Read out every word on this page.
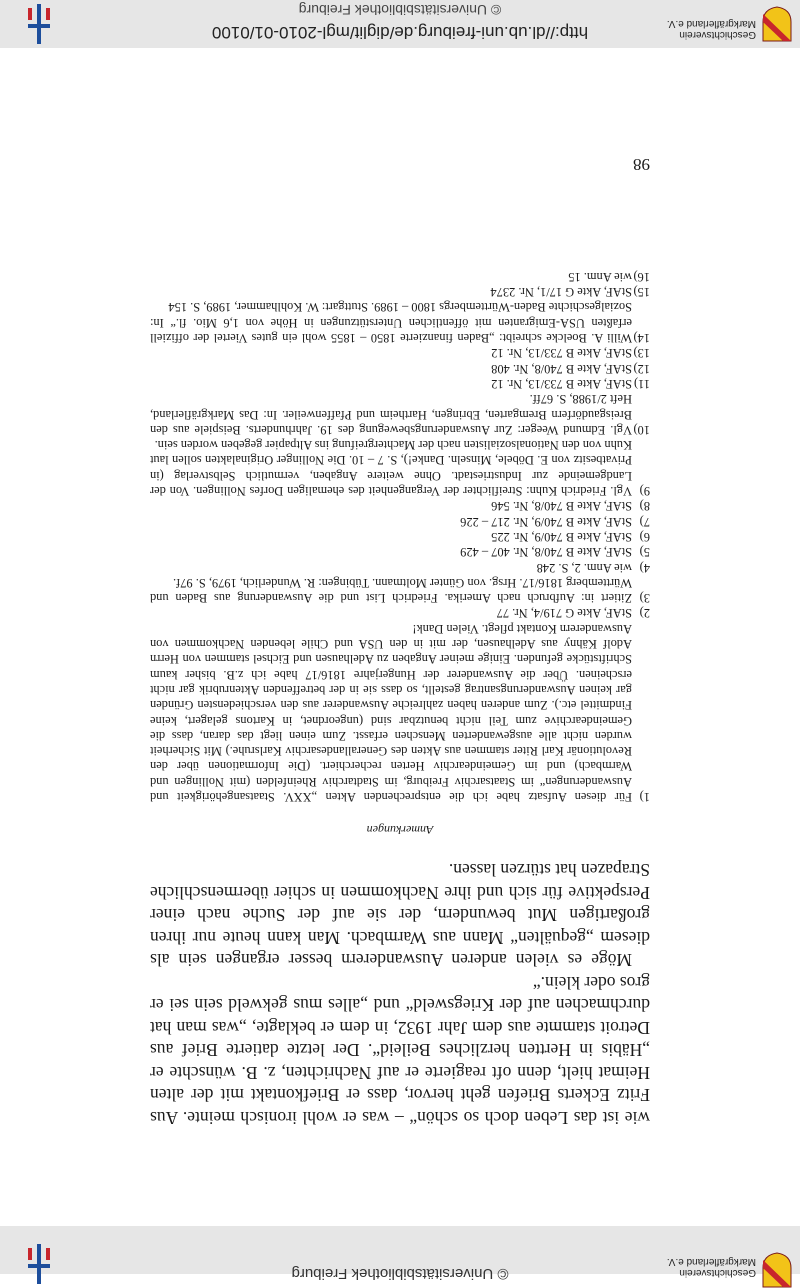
© Universitätsbibliothek Freiburg	Geschichtsverein
Markgräflerland e.V.

wie ist das Leben doch so schön“ – was er wohl ironisch meinte. Aus Fritz Eckerts Briefen geht hervor, dass er Briefkontakt mit der alten Heimat hielt, denn oft reagierte er auf Nachrichten, z. B. wünschte er „Häbis in Hertten herzliches Beileid“. Der letzte datierte Brief aus Detroit stammte aus dem Jahr 1932, in dem er beklagte, „was man hat durchmachen auf der Kriegsweld“ und „alles mus gekweld sein sei er gros oder klein.“

Möge es vielen anderen Auswanderern besser ergangen sein als diesem „gequälten“ Mann aus Warmbach. Man kann heute nur ihren großartigen Mut bewundern, der sie auf der Suche nach einer Perspektive für sich und ihre Nachkommen in schier übermenschliche Strapazen hat stürzen lassen.

Anmerkungen
1)
Für diesen Aufsatz habe ich die entsprechenden Akten „XXV. Staatsangehörigkeit und Auswanderungen“ im Staatsarchiv Freiburg, im Stadtarchiv Rheinfelden (mit Nollingen und Warmbach) und im Gemeindearchiv Herten recherchiert. (Die Informationen über den Revolutionär Karl Riter stammen aus Akten des Generallandesarchiv Karlsruhe.) Mit Sicherheit wurden nicht alle ausgewanderten Menschen erfasst. Zum einen liegt das daran, dass die Gemeindearchive zum Teil nicht benutzbar sind (ungeordnet, in Kartons gelagert, keine Findmittel etc.). Zum anderen haben zahlreiche Auswanderer aus den verschiedensten Gründen gar keinen Auswanderungsantrag gestellt, so dass sie in der betreffenden Aktenrubrik gar nicht erscheinen. Über die Auswanderer der Hungerjahre 1816/17 habe ich z.B. bisher kaum Schriftstücke gefunden. Einige meiner Angaben zu Adelhausen und Eichsel stammen von Herrn Adolf Kähny aus Adelhausen, der mit in den USA und Chile lebenden Nachkommen von Auswanderern Kontakt pflegt. Vielen Dank!
2)
StAF, Akte G 719/4, Nr. 77
3)
Zitiert in: Aufbruch nach Amerika. Friedrich List und die Auswanderung aus Baden und Württemberg 1816/17. Hrsg. von Günter Moltmann. Tübingen: R. Wunderlich, 1979, S. 97f.
4)
wie Anm. 2, S. 248
5)
StAF, Akte B 740/8, Nr. 407 – 429
6)
StAF, Akte B 740/9, Nr. 225
7)
StAF, Akte B 740/9, Nr. 217 – 226
8)
StAF, Akte B 740/8, Nr. 546
9)
Vgl. Friedrich Kuhn: Streiflichter der Vergangenheit des ehemaligen Dorfes Nollingen. Von der Landgemeinde zur Industriestadt. Ohne weitere Angaben, vermutlich Selbstverlag (in Privatbesitz von E. Döbele, Minseln. Danke!), S. 7 – 10. Die Nollinger Originalakten sollen laut Kuhn von den Nationalsozialisten nach der Machtergreifung ins Altpapier gegeben worden sein.
10)
Vgl. Edmund Weeger: Zur Auswanderungsbewegung des 19. Jahrhunderts. Beispiele aus den Breisgaudörfern Bremgarten, Ebringen, Hartheim und Pfaffenweiler. In: Das Markgräflerland, Heft 2/1988, S. 67ff.
11)
StAF, Akte B 733/13, Nr. 12
12)
StAF, Akte B 740/8, Nr. 408
13)
StAF, Akte B 733/13, Nr. 12
14)
Willi A. Boelcke schreibt: „Baden finanzierte 1850 – 1855 wohl ein gutes Viertel der offiziell erfaßten USA-Emigranten mit öffentlichen Unterstützungen in Höhe von 1,6 Mio. fl.“ In: Sozialgeschichte Baden-Württembergs 1800 – 1989. Stuttgart: W. Kohlhammer, 1989, S. 154
15)
StAF, Akte G 17/1, Nr. 2374
16)
wie Anm. 15
98
http://dl.ub.uni-freiburg.de/diglit/mgl-2010-01/0100
© Universitätsbibliothek Freiburg
Geschichtsverein
Markgräflerland e.V.
